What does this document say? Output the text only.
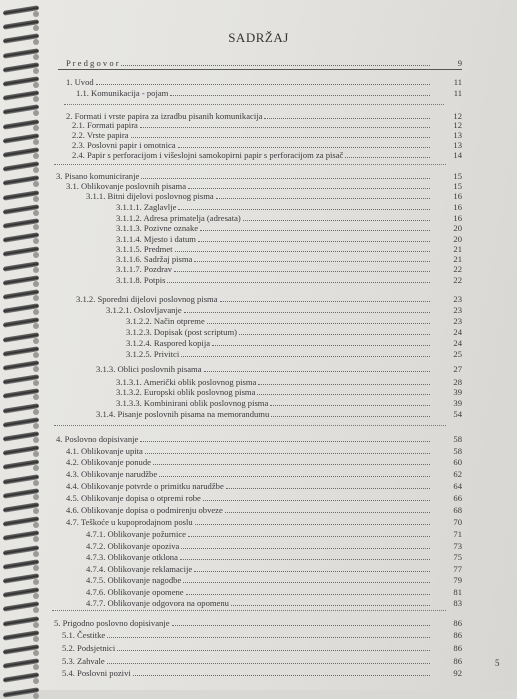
SADRŽAJ
P r e d g o v o r	9
1. Uvod	11
1.1. Komunikacija - pojam	11
2. Formati i vrste papira za izradbu pisanih komunikacija	12
2.1. Formati papira	12
2.2. Vrste papira	13
2.3. Poslovni papir i omotnica	13
2.4. Papir s perforacijom i višeslojni samokopirni papir s perforacijom za pisač	14
3. Pisano komuniciranje	15
3.1. Oblikovanje poslovnih pisama	15
3.1.1. Bitni dijelovi poslovnog pisma	16
3.1.1.1. Zaglavlje	16
3.1.1.2. Adresa primatelja (adresata)	16
3.1.1.3. Pozivne oznake	20
3.1.1.4. Mjesto i datum	20
3.1.1.5. Predmet	21
3.1.1.6. Sadržaj pisma	21
3.1.1.7. Pozdrav	22
3.1.1.8. Potpis	22
3.1.2. Sporedni dijelovi poslovnog pisma	23
3.1.2.1. Oslovljavanje	23
3.1.2.2. Način otpreme	23
3.1.2.3. Dopisak (post scriptum)	24
3.1.2.4. Raspored kopija	24
3.1.2.5. Privitci	25
3.1.3. Oblici poslovnih pisama	27
3.1.3.1. Američki oblik poslovnog pisma	28
3.1.3.2. Europski oblik poslovnog pisma	39
3.1.3.3. Kombinirani oblik poslovnog pisma	39
3.1.4. Pisanje poslovnih pisama na memorandumu	54
4. Poslovno dopisivanje	58
4.1. Oblikovanje upita	58
4.2. Oblikovanje ponude	60
4.3. Oblikovanje narudžbe	62
4.4. Oblikovanje potvrde o primitku narudžbe	64
4.5. Oblikovanje dopisa o otpremi robe	66
4.6. Oblikovanje dopisa o podmirenju obveze	68
4.7. Teškoće u kupoprodajnom poslu	70
4.7.1. Oblikovanje požurnice	71
4.7.2. Oblikovanje opoziva	73
4.7.3. Oblikovanje otklona	75
4.7.4. Oblikovanje reklamacije	77
4.7.5. Oblikovanje nagodbe	79
4.7.6. Oblikovanje opomene	81
4.7.7. Oblikovanje odgovora na opomenu	83
5. Prigodno poslovno dopisivanje	86
5.1. Čestitke	86
5.2. Podsjetnici	86
5.3. Zahvale	86
5.4. Poslovni pozivi	92
5
